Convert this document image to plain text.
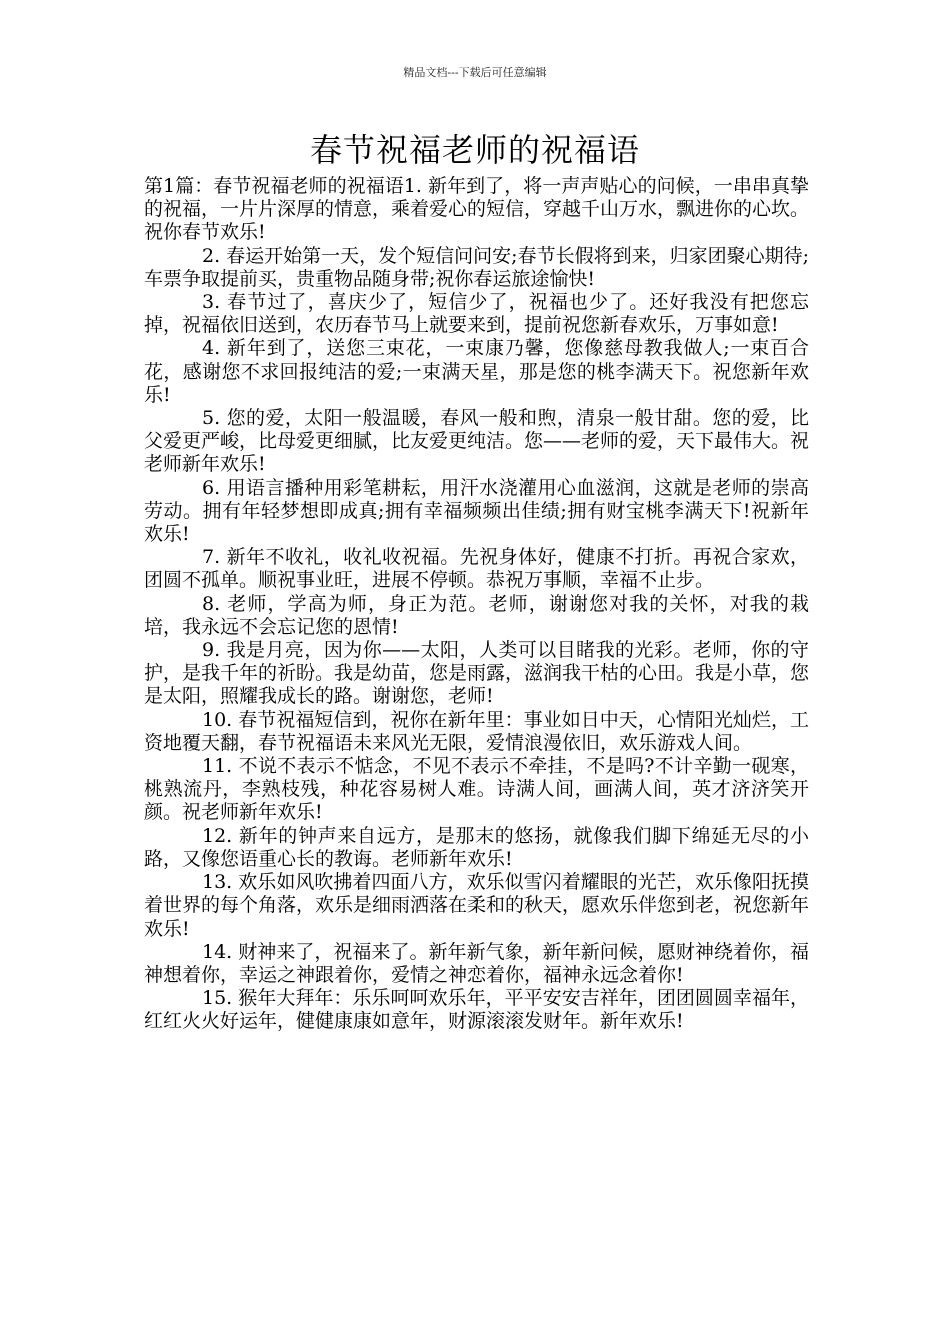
精品文档---下载后可任意编辑
春节祝福老师的祝福语

第1篇：春节祝福老师的祝福语1. 新年到了，将一声声贴心的问候，一串串真挚的祝福，一片片深厚的情意，乘着爱心的短信，穿越千山万水，飘进你的心坎。祝你春节欢乐!

2. 春运开始第一天，发个短信问问安;春节长假将到来，归家团聚心期待;车票争取提前买，贵重物品随身带;祝你春运旅途愉快!

3. 春节过了，喜庆少了，短信少了，祝福也少了。还好我没有把您忘掉，祝福依旧送到，农历春节马上就要来到，提前祝您新春欢乐，万事如意!

4. 新年到了，送您三束花，一束康乃馨，您像慈母教我做人;一束百合花，感谢您不求回报纯洁的爱;一束满天星，那是您的桃李满天下。祝您新年欢乐!

5. 您的爱，太阳一般温暖，春风一般和煦，清泉一般甘甜。您的爱，比父爱更严峻，比母爱更细腻，比友爱更纯洁。您——老师的爱，天下最伟大。祝老师新年欢乐!

6. 用语言播种用彩笔耕耘，用汗水浇灌用心血滋润，这就是老师的崇高劳动。拥有年轻梦想即成真;拥有幸福频频出佳绩;拥有财宝桃李满天下!祝新年欢乐!

7. 新年不收礼，收礼收祝福。先祝身体好，健康不打折。再祝合家欢，团圆不孤单。顺祝事业旺，进展不停顿。恭祝万事顺，幸福不止步。

8. 老师，学高为师，身正为范。老师，谢谢您对我的关怀，对我的栽培，我永远不会忘记您的恩情!

9. 我是月亮，因为你——太阳，人类可以目睹我的光彩。老师，你的守护，是我千年的祈盼。我是幼苗，您是雨露，滋润我干枯的心田。我是小草，您是太阳，照耀我成长的路。谢谢您，老师!

10. 春节祝福短信到，祝你在新年里：事业如日中天，心情阳光灿烂，工资地覆天翻，春节祝福语未来风光无限，爱情浪漫依旧，欢乐游戏人间。

11. 不说不表示不惦念，不见不表示不牵挂，不是吗?不计辛勤一砚寒，桃熟流丹，李熟枝残，种花容易树人难。诗满人间，画满人间，英才济济笑开颜。祝老师新年欢乐!

12. 新年的钟声来自远方，是那末的悠扬，就像我们脚下绵延无尽的小路，又像您语重心长的教诲。老师新年欢乐!

13. 欢乐如风吹拂着四面八方，欢乐似雪闪着耀眼的光芒，欢乐像阳抚摸着世界的每个角落，欢乐是细雨洒落在柔和的秋天，愿欢乐伴您到老，祝您新年欢乐!

14. 财神来了，祝福来了。新年新气象，新年新问候，愿财神绕着你，福神想着你，幸运之神跟着你，爱情之神恋着你，福神永远念着你!

15. 猴年大拜年：乐乐呵呵欢乐年，平平安安吉祥年，团团圆圆幸福年，红红火火好运年，健健康康如意年，财源滚滚发财年。新年欢乐!
